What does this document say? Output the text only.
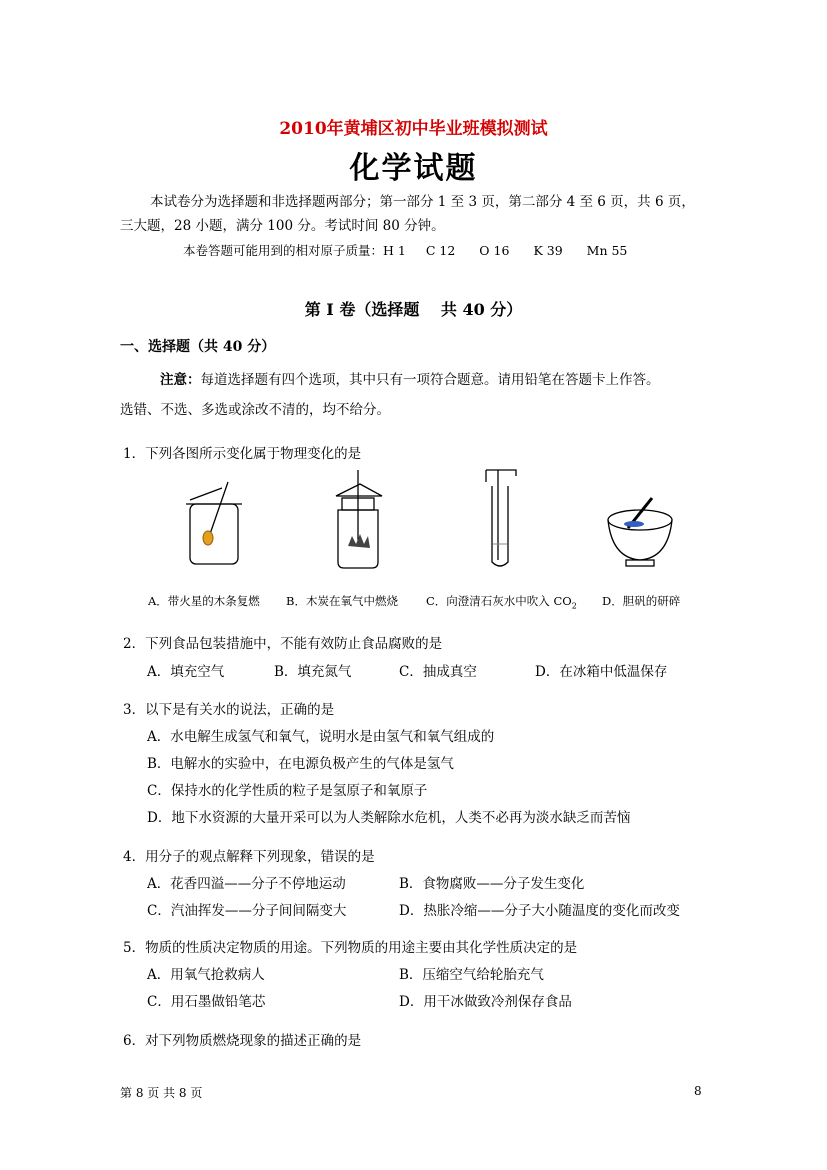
2010年黄埔区初中毕业班模拟测试
化学试题
本试卷分为选择题和非选择题两部分；第一部分 1 至 3 页，第二部分 4 至 6 页，共 6 页，
三大题，28 小题，满分 100 分。考试时间 80 分钟。
本卷答题可能用到的相对原子质量：H 1 C 12 O 16 K 39 Mn 55
第 I 卷（选择题　 共 40 分）
一、选择题（共 40 分）
注意：每道选择题有四个选项，其中只有一项符合题意。请用铅笔在答题卡上作答。
选错、不选、多选或涂改不清的，均不给分。
1．下列各图所示变化属于物理变化的是
A．带火星的木条复燃 B．木炭在氧气中燃烧 C．向澄清石灰水中吹入 $CO_2$ D．胆矾的研碎
2．下列食品包装措施中，不能有效防止食品腐败的是
A．填充空气	B．填充氮气	C．抽成真空	D．在冰箱中低温保存
3．以下是有关水的说法，正确的是
A．水电解生成氢气和氧气，说明水是由氢气和氧气组成的
B．电解水的实验中，在电源负极产生的气体是氢气
C．保持水的化学性质的粒子是氢原子和氧原子
D．地下水资源的大量开采可以为人类解除水危机，人类不必再为淡水缺乏而苦恼
4．用分子的观点解释下列现象，错误的是
A．花香四溢——分子不停地运动	B．食物腐败——分子发生变化
C．汽油挥发——分子间间隔变大	D．热胀冷缩——分子大小随温度的变化而改变
5．物质的性质决定物质的用途。下列物质的用途主要由其化学性质决定的是
A．用氧气抢救病人	B．压缩空气给轮胎充气
C．用石墨做铅笔芯	D．用干冰做致冷剂保存食品
6．对下列物质燃烧现象的描述正确的是
第 8 页 共 8 页	8
